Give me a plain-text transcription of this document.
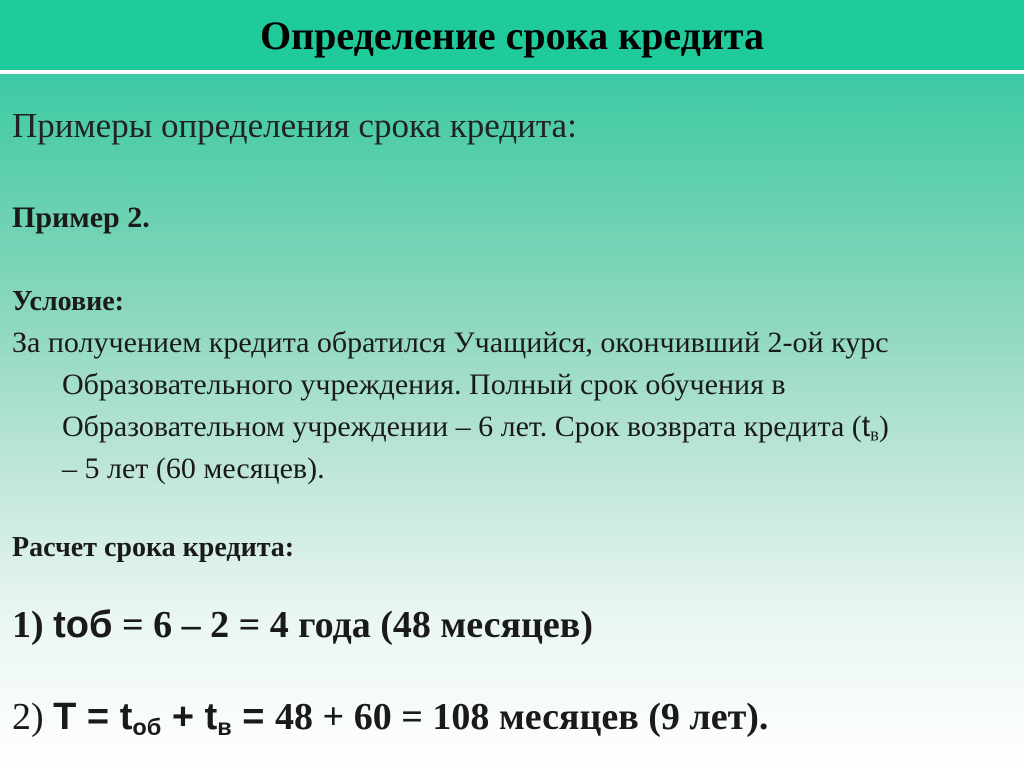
Определение срока кредита
Примеры определения срока кредита:
Пример 2.
Условие:
За получением кредита обратился Учащийся, окончивший 2-ой курс
Образовательного учреждения. Полный срок обучения в
Образовательном учреждении – 6 лет. Срок возврата кредита $(t_в)$
– 5 лет (60 месяцев).
Расчет срока кредита:
1) tоб = 6 – 2 = 4 года (48 месяцев)
2) $T = t_{об} + t_в = 48 + 60 = 108$ месяцев (9 лет).
